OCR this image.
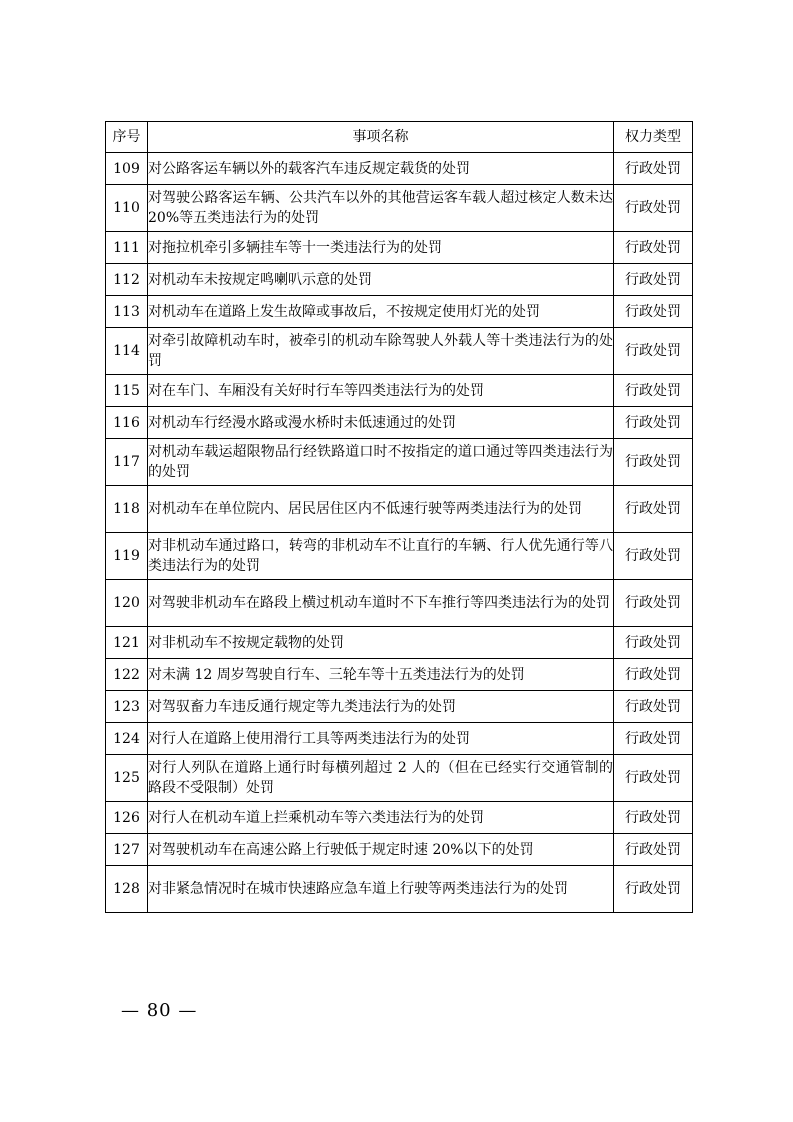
序号	事项名称	权力类型
109	对公路客运车辆以外的载客汽车违反规定载货的处罚	行政处罚
110	对驾驶公路客运车辆、公共汽车以外的其他营运客车载人超过核定人数未达 20%等五类违法行为的处罚	行政处罚
111	对拖拉机牵引多辆挂车等十一类违法行为的处罚	行政处罚
112	对机动车未按规定鸣喇叭示意的处罚	行政处罚
113	对机动车在道路上发生故障或事故后，不按规定使用灯光的处罚	行政处罚
114	对牵引故障机动车时，被牵引的机动车除驾驶人外载人等十类违法行为的处罚	行政处罚
115	对在车门、车厢没有关好时行车等四类违法行为的处罚	行政处罚
116	对机动车行经漫水路或漫水桥时未低速通过的处罚	行政处罚
117	对机动车载运超限物品行经铁路道口时不按指定的道口通过等四类违法行为的处罚	行政处罚
118	对机动车在单位院内、居民居住区内不低速行驶等两类违法行为的处罚	行政处罚
119	对非机动车通过路口，转弯的非机动车不让直行的车辆、行人优先通行等八类违法行为的处罚	行政处罚
120	对驾驶非机动车在路段上横过机动车道时不下车推行等四类违法行为的处罚	行政处罚
121	对非机动车不按规定载物的处罚	行政处罚
122	对未满 12 周岁驾驶自行车、三轮车等十五类违法行为的处罚	行政处罚
123	对驾驭畜力车违反通行规定等九类违法行为的处罚	行政处罚
124	对行人在道路上使用滑行工具等两类违法行为的处罚	行政处罚
125	对行人列队在道路上通行时每横列超过 2 人的（但在已经实行交通管制的路段不受限制）处罚	行政处罚
126	对行人在机动车道上拦乘机动车等六类违法行为的处罚	行政处罚
127	对驾驶机动车在高速公路上行驶低于规定时速 20%以下的处罚	行政处罚
128	对非紧急情况时在城市快速路应急车道上行驶等两类违法行为的处罚	行政处罚
— 80 —
